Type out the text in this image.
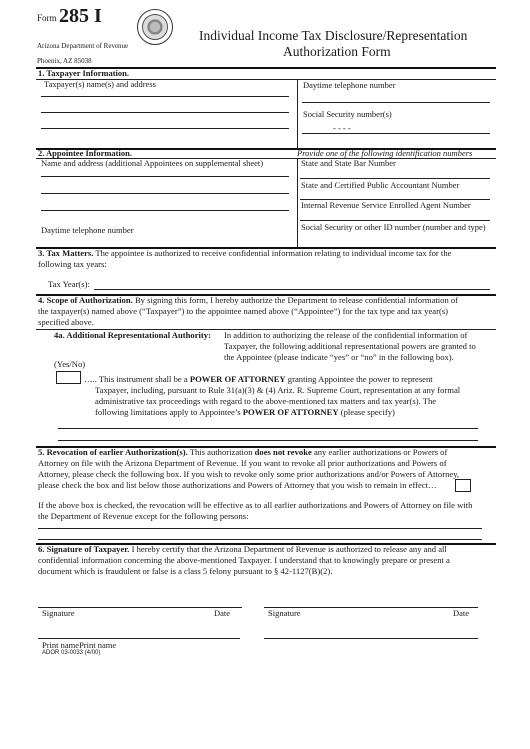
Form 285 I
Arizona Department of Revenue
Phoenix, AZ 85038
Individual Income Tax Disclosure/Representation
Authorization Form
1. Taxpayer Information.
Taxpayer(s) name(s) and address	Daytime telephone number
Social Security number(s)
- - - -
2. Appointee Information.	Provide one of the following identification numbers
Name and address (additional Appointees on supplemental sheet)
Daytime telephone number
State and State Bar Number
State and Certified Public Accountant Number
Internal Revenue Service Enrolled Agent Number
Social Security or other ID number (number and type)
3. Tax Matters. The appointee is authorized to receive confidential information relating to individual income tax for the
following tax years:
Tax Year(s):
4. Scope of Authorization. By signing this form, I hereby authorize the Department to release confidential information of
the taxpayer(s) named above (“Taxpayer”) to the appointee named above (“Appointee”) for the tax type and tax year(s)
specified above.
4a. Additional Representational Authority: In addition to authorizing the release of the confidential information of
Taxpayer, the following additional representational powers are granted to
the Appointee (please indicate “yes” or “no” in the following box).
(Yes/No)
….. This instrument shall be a POWER OF ATTORNEY granting Appointee the power to represent
Taxpayer, including, pursuant to Rule 31(a)(3) & (4) Ariz. R. Supreme Court, representation at any formal
administrative tax proceedings with regard to the above-mentioned tax matters and tax year(s). The
following limitations apply to Appointee’s POWER OF ATTORNEY (please specify)
5. Revocation of earlier Authorization(s). This authorization does not revoke any earlier authorizations or Powers of
Attorney on file with the Arizona Department of Revenue. If you want to revoke all prior authorizations and Powers of
Attorney, please check the following box. If you wish to revoke only some prior authorizations and/or Powers of Attorney,
please check the box and list below those authorizations and Powers of Attorney that you wish to remain in effect…
If the above box is checked, the revocation will be effective as to all earlier authorizations and Powers of Attorney on file with
the Department of Revenue except for the following persons:
6. Signature of Taxpayer. I hereby certify that the Arizona Department of Revenue is authorized to release any and all
confidential information concerning the above-mentioned Taxpayer. I understand that to knowingly prepare or present a
document which is fraudulent or false is a class 5 felony pursuant to § 42-1127(B)(2).
Signature	Date	Signature	Date
Print namePrint name
ADOR 03-0033 (4/00)
